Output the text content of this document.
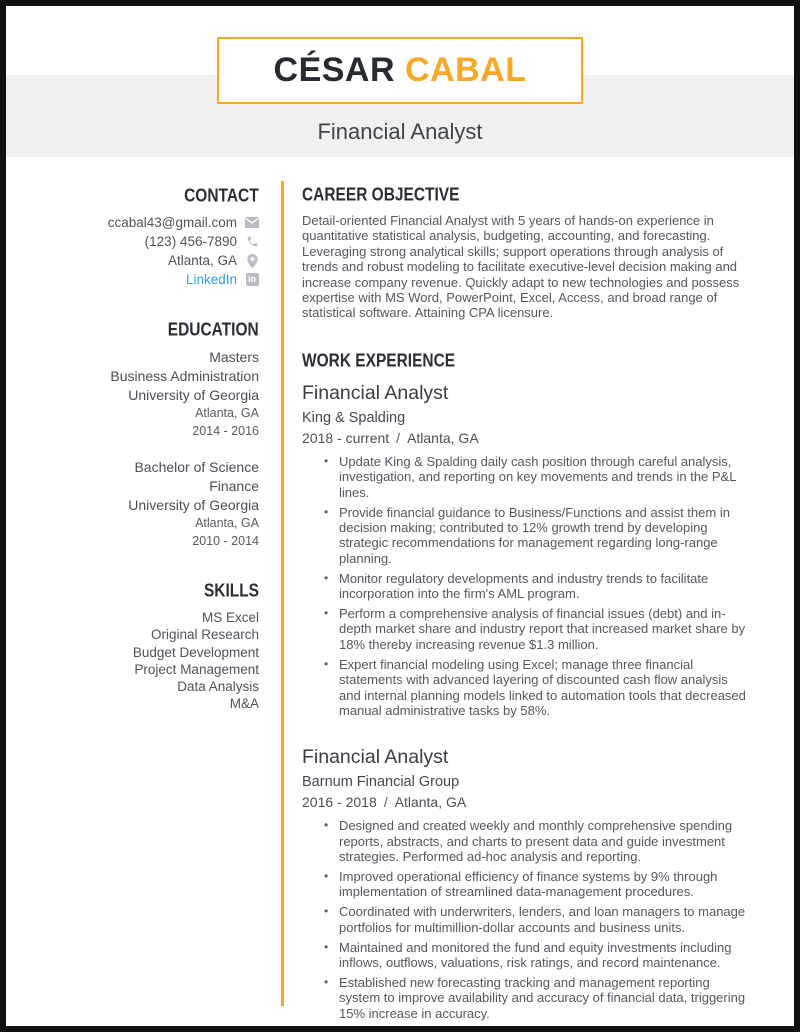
CÉSAR CABAL
Financial Analyst
CONTACT
ccabal43@gmail.com
(123) 456-7890
Atlanta, GA
LinkedIn in
EDUCATION
Masters
Business Administration
University of Georgia
Atlanta, GA
2014 - 2016
Bachelor of Science
Finance
University of Georgia
Atlanta, GA
2010 - 2014
SKILLS
MS Excel
Original Research
Budget Development
Project Management
Data Analysis
M&A
CAREER OBJECTIVE

Detail-oriented Financial Analyst with 5 years of hands-on experience in quantitative statistical analysis, budgeting, accounting, and forecasting. Leveraging strong analytical skills; support operations through analysis of trends and robust modeling to facilitate executive-level decision making and increase company revenue. Quickly adapt to new technologies and possess expertise with MS Word, PowerPoint, Excel, Access, and broad range of statistical software. Attaining CPA licensure.

WORK EXPERIENCE
Financial Analyst
King & Spalding
2018 - current / Atlanta, GA
• Update King & Spalding daily cash position through careful analysis, investigation, and reporting on key movements and trends in the P&L lines.
• Provide financial guidance to Business/Functions and assist them in decision making; contributed to 12% growth trend by developing strategic recommendations for management regarding long-range planning.
• Monitor regulatory developments and industry trends to facilitate incorporation into the firm's AML program.
• Perform a comprehensive analysis of financial issues (debt) and in-depth market share and industry report that increased market share by 18% thereby increasing revenue $1.3 million.
• Expert financial modeling using Excel; manage three financial statements with advanced layering of discounted cash flow analysis and internal planning models linked to automation tools that decreased manual administrative tasks by 58%.
Financial Analyst
Barnum Financial Group
2016 - 2018 / Atlanta, GA
• Designed and created weekly and monthly comprehensive spending reports, abstracts, and charts to present data and guide investment strategies. Performed ad-hoc analysis and reporting.
• Improved operational efficiency of finance systems by 9% through implementation of streamlined data-management procedures.
• Coordinated with underwriters, lenders, and loan managers to manage portfolios for multimillion-dollar accounts and business units.
• Maintained and monitored the fund and equity investments including inflows, outflows, valuations, risk ratings, and record maintenance.
• Established new forecasting tracking and management reporting system to improve availability and accuracy of financial data, triggering 15% increase in accuracy.
